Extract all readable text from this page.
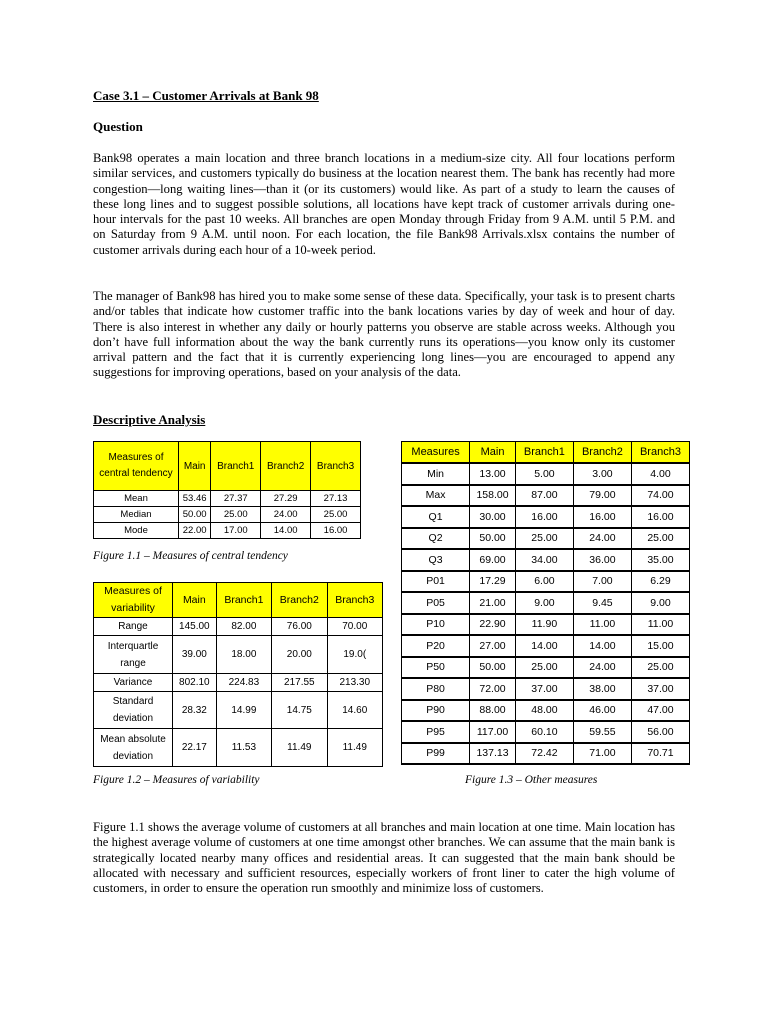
Case 3.1 – Customer Arrivals at Bank 98

Question

Bank98 operates a main location and three branch locations in a medium-size city. All four locations perform similar services, and customers typically do business at the location nearest them. The bank has recently had more congestion—long waiting lines—than it (or its customers) would like. As part of a study to learn the causes of these long lines and to suggest possible solutions, all locations have kept track of customer arrivals during one-hour intervals for the past 10 weeks. All branches are open Monday through Friday from 9 A.M. until 5 P.M. and on Saturday from 9 A.M. until noon. For each location, the file Bank98 Arrivals.xlsx contains the number of customer arrivals during each hour of a 10-week period.

The manager of Bank98 has hired you to make some sense of these data. Specifically, your task is to present charts and/or tables that indicate how customer traffic into the bank locations varies by day of week and hour of day. There is also interest in whether any daily or hourly patterns you observe are stable across weeks. Although you don’t have full information about the way the bank currently runs its operations—you know only its customer arrival pattern and the fact that it is currently experiencing long lines—you are encouraged to append any suggestions for improving operations, based on your analysis of the data.

Descriptive Analysis

Measures of central tendency	Main	Branch1	Branch2	Branch3
Mean	53.46	27.37	27.29	27.13
Median	50.00	25.00	24.00	25.00
Mode	22.00	17.00	14.00	16.00

Figure 1.1 – Measures of central tendency

Measures of variability	Main	Branch1	Branch2	Branch3
Range	145.00	82.00	76.00	70.00
Interquartle range	39.00	18.00	20.00	19.0(
Variance	802.10	224.83	217.55	213.30
Standard deviation	28.32	14.99	14.75	14.60
Mean absolute deviation	22.17	11.53	11.49	11.49

Figure 1.2 – Measures of variability

Measures	Main	Branch1	Branch2	Branch3
Min	13.00	5.00	3.00	4.00
Max	158.00	87.00	79.00	74.00
Q1	30.00	16.00	16.00	16.00
Q2	50.00	25.00	24.00	25.00
Q3	69.00	34.00	36.00	35.00
P01	17.29	6.00	7.00	6.29
P05	21.00	9.00	9.45	9.00
P10	22.90	11.90	11.00	11.00
P20	27.00	14.00	14.00	15.00
P50	50.00	25.00	24.00	25.00
P80	72.00	37.00	38.00	37.00
P90	88.00	48.00	46.00	47.00
P95	117.00	60.10	59.55	56.00
P99	137.13	72.42	71.00	70.71

Figure 1.3 – Other measures

Figure 1.1 shows the average volume of customers at all branches and main location at one time. Main location has the highest average volume of customers at one time amongst other branches. We can assume that the main bank is strategically located nearby many offices and residential areas. It can suggested that the main bank should be allocated with necessary and sufficient resources, especially workers of front liner to cater the high volume of customers, in order to ensure the operation run smoothly and minimize loss of customers.
